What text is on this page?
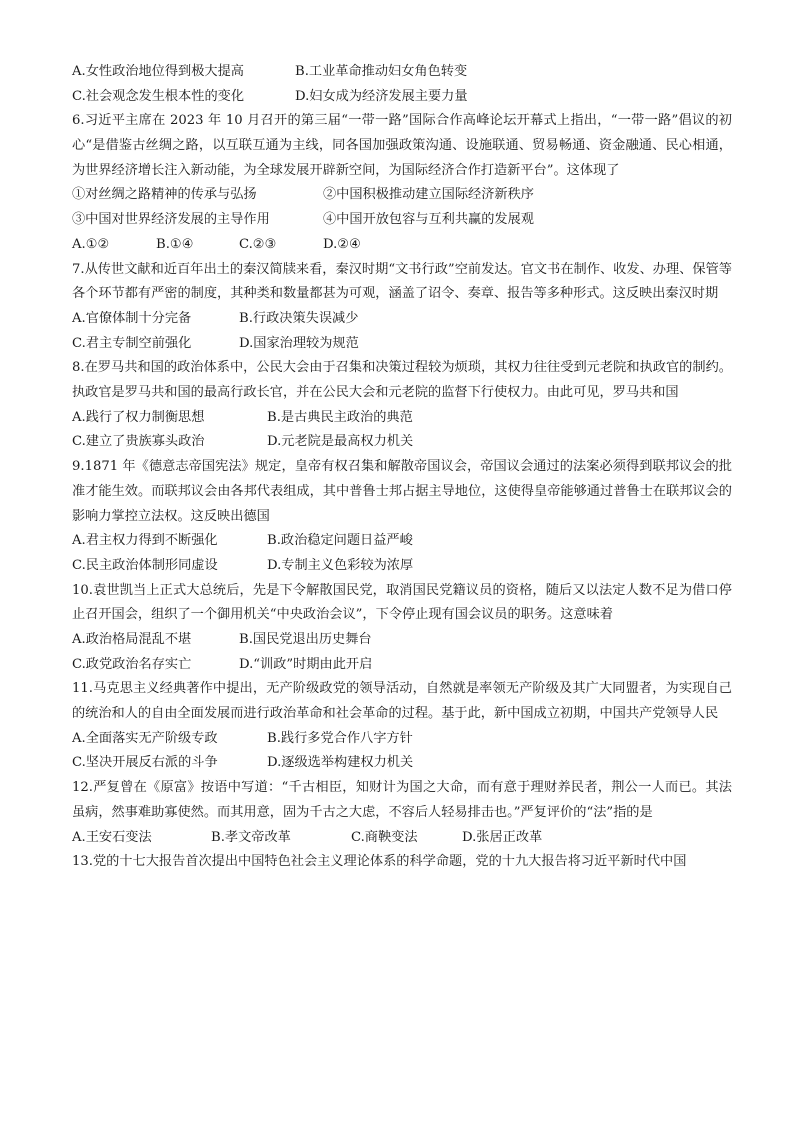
A.女性政治地位得到极大提高	B.工业革命推动妇女角色转变
C.社会观念发生根本性的变化	D.妇女成为经济发展主要力量

6.习近平主席在 2023 年 10 月召开的第三届“一带一路”国际合作高峰论坛开幕式上指出，“一带一路”倡议的初心“是借鉴古丝绸之路，以互联互通为主线，同各国加强政策沟通、设施联通、贸易畅通、资金融通、民心相通，为世界经济增长注入新动能，为全球发展开辟新空间，为国际经济合作打造新平台”。这体现了

①对丝绸之路精神的传承与弘扬	②中国积极推动建立国际经济新秩序
③中国对世界经济发展的主导作用	④中国开放包容与互利共赢的发展观
A.①②	B.①④	C.②③	D.②④

7.从传世文献和近百年出土的秦汉简牍来看，秦汉时期“文书行政”空前发达。官文书在制作、收发、办理、保管等各个环节都有严密的制度，其种类和数量都甚为可观，涵盖了诏令、奏章、报告等多种形式。这反映出秦汉时期

A.官僚体制十分完备	B.行政决策失误减少
C.君主专制空前强化	D.国家治理较为规范

8.在罗马共和国的政治体系中，公民大会由于召集和决策过程较为烦琐，其权力往往受到元老院和执政官的制约。执政官是罗马共和国的最高行政长官，并在公民大会和元老院的监督下行使权力。由此可见，罗马共和国

A.践行了权力制衡思想	B.是古典民主政治的典范
C.建立了贵族寡头政治	D.元老院是最高权力机关

9.1871 年《德意志帝国宪法》规定，皇帝有权召集和解散帝国议会，帝国议会通过的法案必须得到联邦议会的批准才能生效。而联邦议会由各邦代表组成，其中普鲁士邦占据主导地位，这使得皇帝能够通过普鲁士在联邦议会的影响力掌控立法权。这反映出德国

A.君主权力得到不断强化	B.政治稳定问题日益严峻
C.民主政治体制形同虚设	D.专制主义色彩较为浓厚

10.袁世凯当上正式大总统后，先是下令解散国民党，取消国民党籍议员的资格，随后又以法定人数不足为借口停止召开国会，组织了一个御用机关“中央政治会议”，下令停止现有国会议员的职务。这意味着

A.政治格局混乱不堪	B.国民党退出历史舞台
C.政党政治名存实亡	D.“训政”时期由此开启

11.马克思主义经典著作中提出，无产阶级政党的领导活动，自然就是率领无产阶级及其广大同盟者，为实现自己的统治和人的自由全面发展而进行政治革命和社会革命的过程。基于此，新中国成立初期，中国共产党领导人民

A.全面落实无产阶级专政	B.践行多党合作八字方针
C.坚决开展反右派的斗争	D.逐级选举构建权力机关

12.严复曾在《原富》按语中写道：“千古相臣，知财计为国之大命，而有意于理财养民者，荆公一人而已。其法虽病，然事难助寡使然。而其用意，固为千古之大虑，不容后人轻易排击也。”严复评价的“法”指的是

A.王安石变法	B.孝文帝改革	C.商鞅变法	D.张居正改革
13.党的十七大报告首次提出中国特色社会主义理论体系的科学命题，党的十九大报告将习近平新时代中国
